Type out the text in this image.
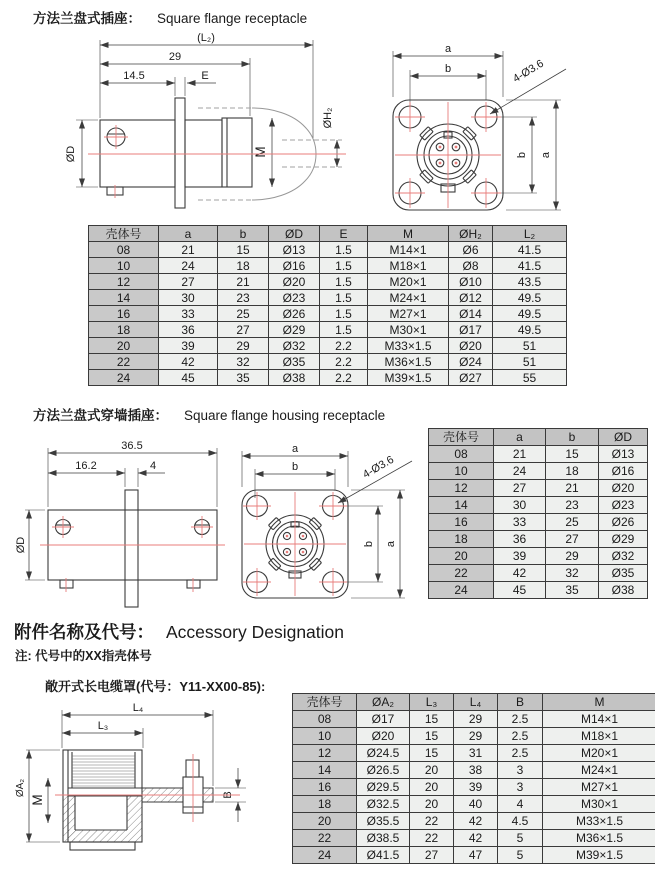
方法兰盘式插座： Square flange receptacle
(L₂)
29
14.5	E
ØD	M
ØH₂
a
b	4-Ø3.6
b a
壳体号	a	b	ØD	E	M	ØH₂	L₂
08	21	15	Ø13	1.5	M14×1	Ø6	41.5
10	24	18	Ø16	1.5	M18×1	Ø8	41.5
12	27	21	Ø20	1.5	M20×1	Ø10	43.5
14	30	23	Ø23	1.5	M24×1	Ø12	49.5
16	33	25	Ø26	1.5	M27×1	Ø14	49.5
18	36	27	Ø29	1.5	M30×1	Ø17	49.5
20	39	29	Ø32	2.2	M33×1.5	Ø20	51
22	42	32	Ø35	2.2	M36×1.5	Ø24	51
24	45	35	Ø38	2.2	M39×1.5	Ø27	55
方法兰盘式穿墙插座： Square flange housing receptacle
36.5
16.2	4
ØD
a
b	4-Ø3.6
b a
壳体号	a	b	ØD
08	21	15	Ø13
10	24	18	Ø16
12	27	21	Ø20
14	30	23	Ø23
16	33	25	Ø26
18	36	27	Ø29
20	39	29	Ø32
22	42	32	Ø35
24	45	35	Ø38
附件名称及代号： Accessory Designation
注: 代号中的XX指壳体号
敞开式长电缆罩(代号：Y11-XX00-85):
L₄
L₃
ØA₂
M	B
壳体号	ØA₂	L₃	L₄	B	M
08	Ø17	15	29	2.5	M14×1
10	Ø20	15	29	2.5	M18×1
12	Ø24.5	15	31	2.5	M20×1
14	Ø26.5	20	38	3	M24×1
16	Ø29.5	20	39	3	M27×1
18	Ø32.5	20	40	4	M30×1
20	Ø35.5	22	42	4.5	M33×1.5
22	Ø38.5	22	42	5	M36×1.5
24	Ø41.5	27	47	5	M39×1.5
